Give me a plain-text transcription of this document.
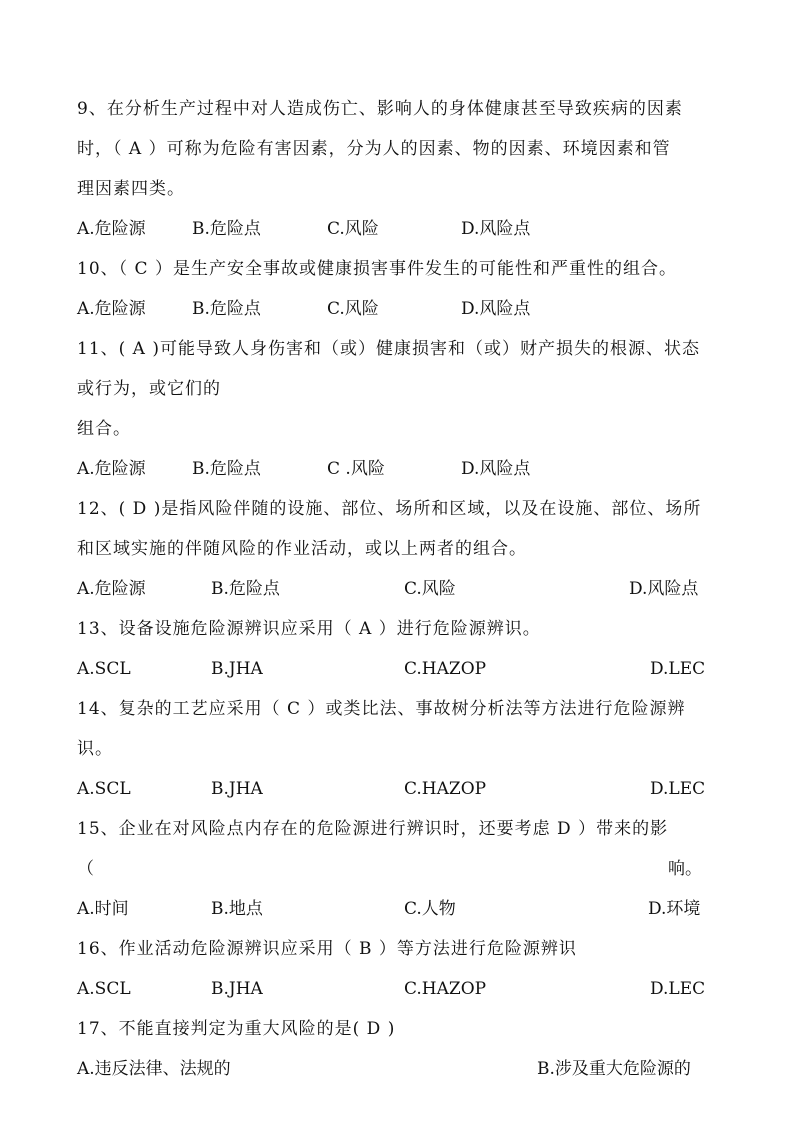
9、在分析生产过程中对人造成伤亡、影响人的身体健康甚至导致疾病的因素
时，（ A ）可称为危险有害因素，分为人的因素、物的因素、环境因素和管
理因素四类。
A.危险源	B.危险点	C.风险	D.风险点
10、（ C ）是生产安全事故或健康损害事件发生的可能性和严重性的组合。
A.危险源	B.危险点	C.风险	D.风险点
11、( A )可能导致人身伤害和（或）健康损害和（或）财产损失的根源、状态
或行为，或它们的
组合。
A.危险源	B.危险点	C .风险	D.风险点
12、( D )是指风险伴随的设施、部位、场所和区域，以及在设施、部位、场所
和区域实施的伴随风险的作业活动，或以上两者的组合。
A.危险源	B.危险点	C.风险	D.风险点
13、设备设施危险源辨识应采用（ A ）进行危险源辨识。
A.SCL	B.JHA	C.HAZOP	D.LEC
14、复杂的工艺应采用（ C ）或类比法、事故树分析法等方法进行危险源辨
识。
A.SCL	B.JHA	C.HAZOP	D.LEC
15、企业在对风险点内存在的危险源进行辨识时，还要考虑 D ）带来的影
（	响。
A.时间	B.地点	C.人物	D.环境
16、作业活动危险源辨识应采用（ B ）等方法进行危险源辨识
A.SCL	B.JHA	C.HAZOP	D.LEC
17、不能直接判定为重大风险的是( D )
A.违反法律、法规的	B.涉及重大危险源的
